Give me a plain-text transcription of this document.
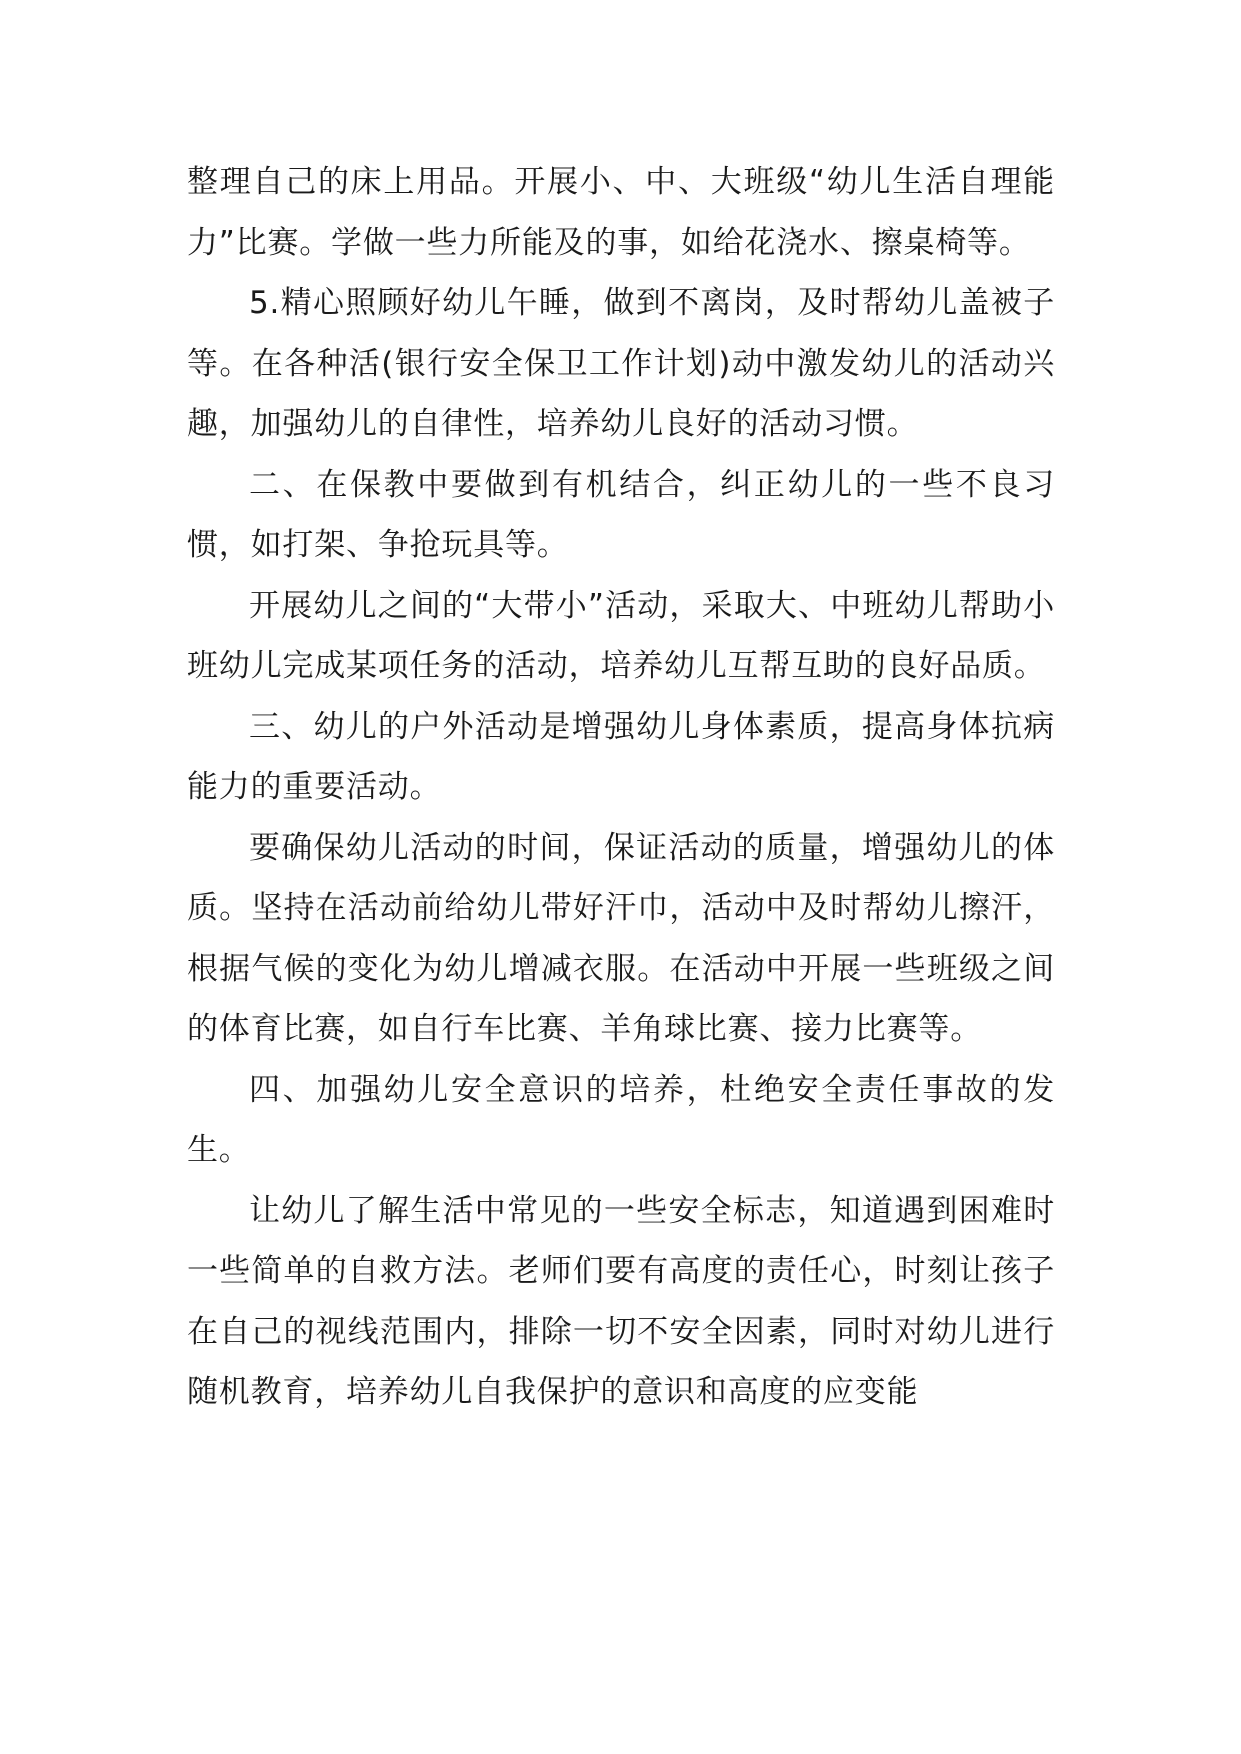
整理自己的床上用品。开展小、中、大班级“幼儿生活自理能力”比赛。学做一些力所能及的事，如给花浇水、擦桌椅等。

5.精心照顾好幼儿午睡，做到不离岗，及时帮幼儿盖被子等。在各种活(银行安全保卫工作计划)动中激发幼儿的活动兴趣，加强幼儿的自律性，培养幼儿良好的活动习惯。

二、在保教中要做到有机结合，纠正幼儿的一些不良习惯，如打架、争抢玩具等。

开展幼儿之间的“大带小”活动，采取大、中班幼儿帮助小班幼儿完成某项任务的活动，培养幼儿互帮互助的良好品质。

三、幼儿的户外活动是增强幼儿身体素质，提高身体抗病能力的重要活动。

要确保幼儿活动的时间，保证活动的质量，增强幼儿的体质。坚持在活动前给幼儿带好汗巾，活动中及时帮幼儿擦汗，根据气候的变化为幼儿增减衣服。在活动中开展一些班级之间的体育比赛，如自行车比赛、羊角球比赛、接力比赛等。

四、加强幼儿安全意识的培养，杜绝安全责任事故的发生。

让幼儿了解生活中常见的一些安全标志，知道遇到困难时一些简单的自救方法。老师们要有高度的责任心，时刻让孩子在自己的视线范围内，排除一切不安全因素，同时对幼儿进行随机教育，培养幼儿自我保护的意识和高度的应变能
